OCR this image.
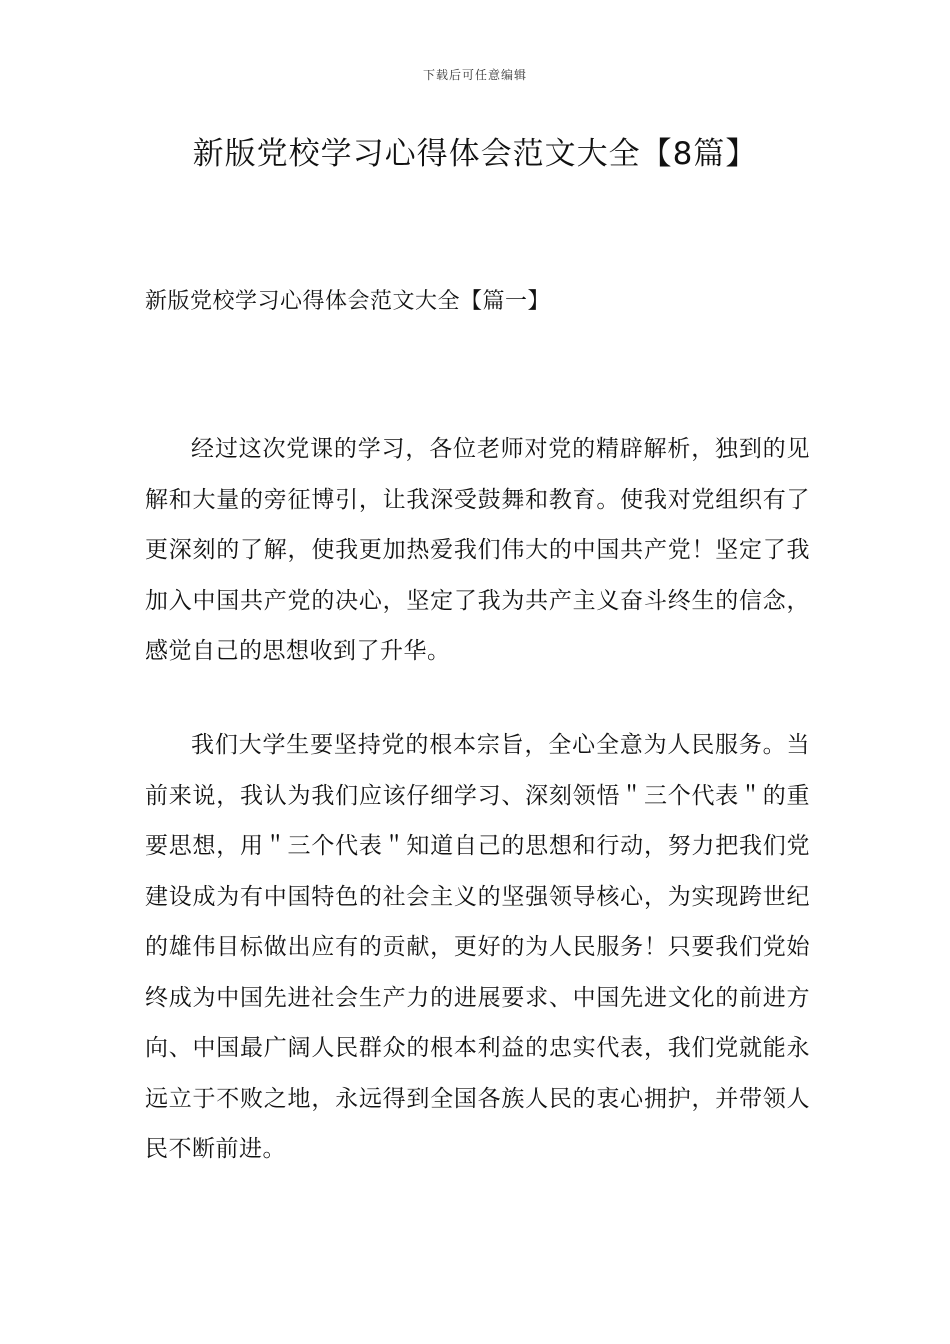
下载后可任意编辑
新版党校学习心得体会范文大全【8篇】
新版党校学习心得体会范文大全【篇一】

经过这次党课的学习，各位老师对党的精辟解析，独到的见解和大量的旁征博引，让我深受鼓舞和教育。使我对党组织有了更深刻的了解，使我更加热爱我们伟大的中国共产党！坚定了我加入中国共产党的决心，坚定了我为共产主义奋斗终生的信念，感觉自己的思想收到了升华。

我们大学生要坚持党的根本宗旨，全心全意为人民服务。当前来说，我认为我们应该仔细学习、深刻领悟＂三个代表＂的重要思想，用＂三个代表＂知道自己的思想和行动，努力把我们党建设成为有中国特色的社会主义的坚强领导核心，为实现跨世纪的雄伟目标做出应有的贡献，更好的为人民服务！只要我们党始终成为中国先进社会生产力的进展要求、中国先进文化的前进方向、中国最广阔人民群众的根本利益的忠实代表，我们党就能永远立于不败之地，永远得到全国各族人民的衷心拥护，并带领人民不断前进。
